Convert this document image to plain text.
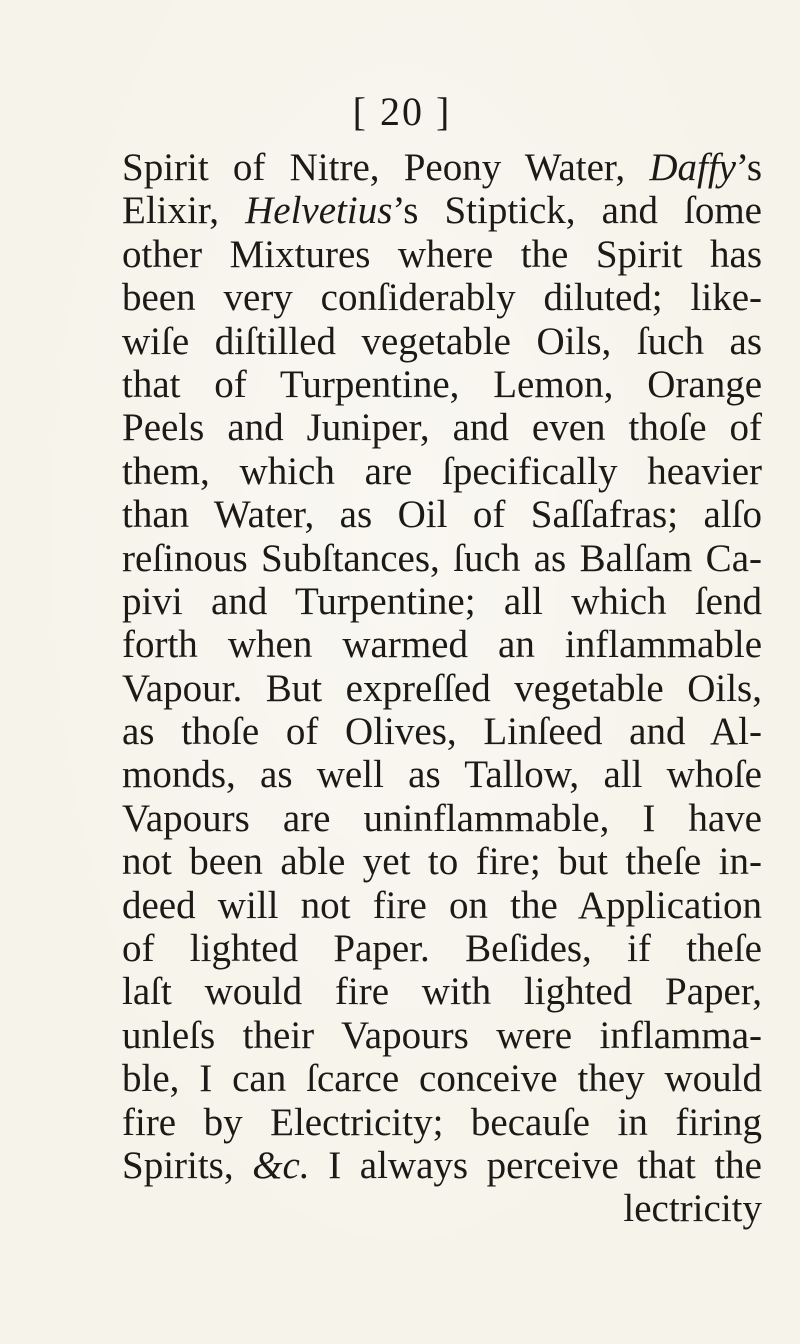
[ 20 ]
Spirit of Nitre, Peony Water, Daffy’s
Elixir, Helvetius’s Stiptick, and ſome
other Mixtures where the Spirit has
been very conſiderably diluted; like-
wiſe diſtilled vegetable Oils, ſuch as
that of Turpentine, Lemon, Orange
Peels and Juniper, and even thoſe of
them, which are ſpecifically heavier
than Water, as Oil of Saſſafras; alſo
reſinous Subſtances, ſuch as Balſam Ca-
pivi and Turpentine; all which ſend
forth when warmed an inflammable
Vapour. But expreſſed vegetable Oils,
as thoſe of Olives, Linſeed and Al-
monds, as well as Tallow, all whoſe
Vapours are uninflammable, I have
not been able yet to fire; but theſe in-
deed will not fire on the Application
of lighted Paper. Beſides, if theſe
laſt would fire with lighted Paper,
unleſs their Vapours were inflamma-
ble, I can ſcarce conceive they would
fire by Electricity; becauſe in firing
Spirits, &c. I always perceive that the
lectricity
